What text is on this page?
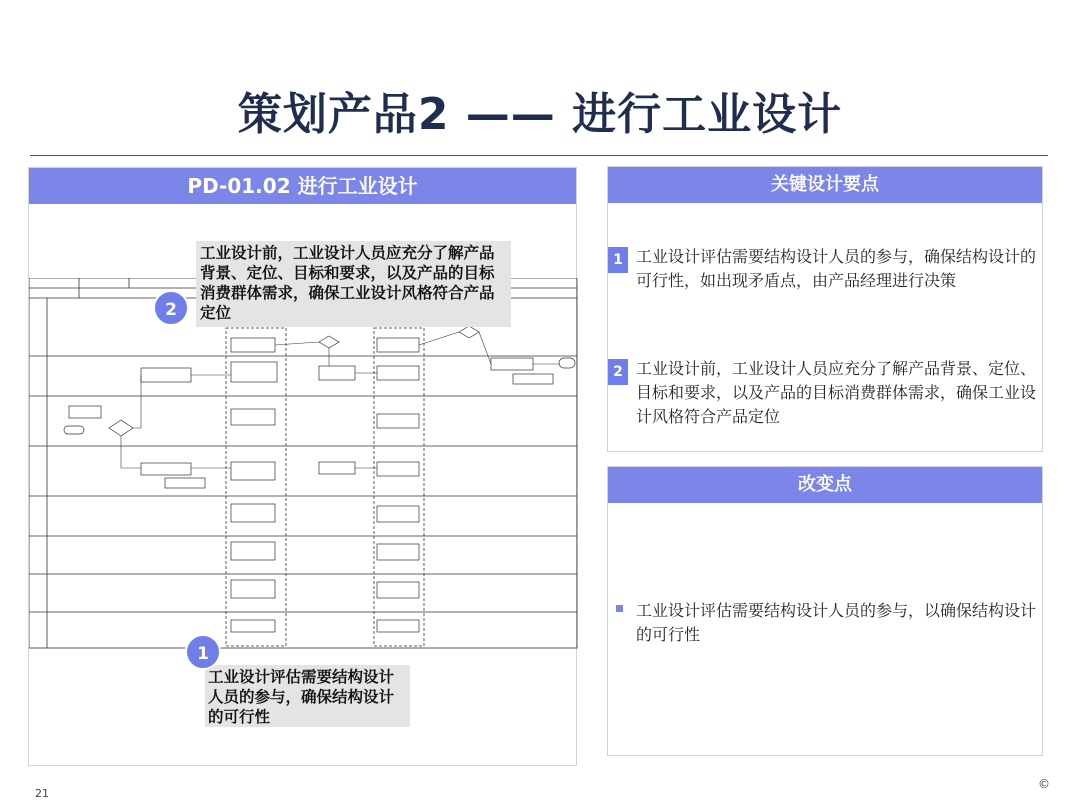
策划产品2 —— 进行工业设计
PD-01.02 进行工业设计
工业设计前，工业设计人员应充分了解产品背景、定位、目标和要求，以及产品的目标消费群体需求，确保工业设计风格符合产品定位
2
工业设计评估需要结构设计人员的参与，确保结构设计的可行性
1
关键设计要点
1 工业设计评估需要结构设计人员的参与，确保结构设计的可行性，如出现矛盾点，由产品经理进行决策
2 工业设计前，工业设计人员应充分了解产品背景、定位、目标和要求，以及产品的目标消费群体需求，确保工业设计风格符合产品定位
改变点
工业设计评估需要结构设计人员的参与，以确保结构设计的可行性
21
©
